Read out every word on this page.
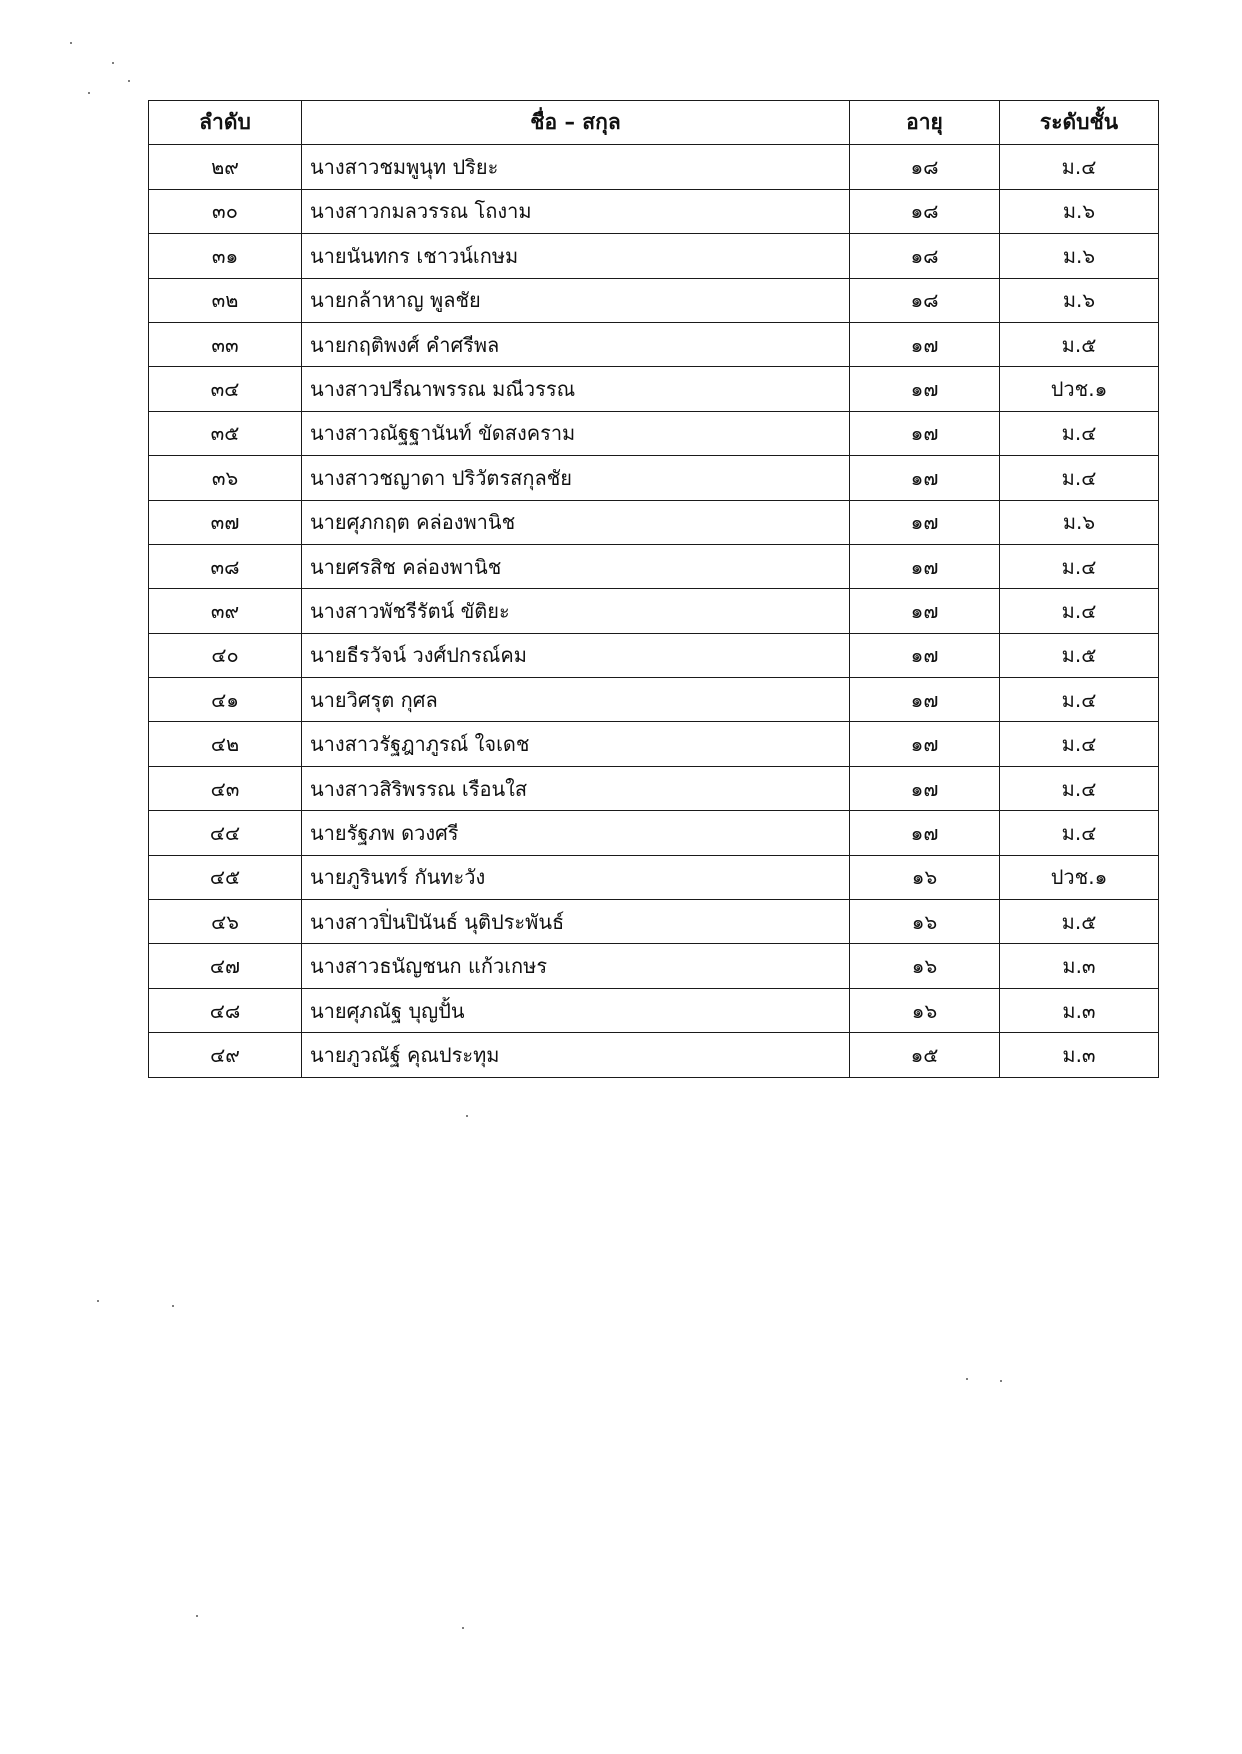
ลำดับ	ชื่อ – สกุล	อายุ	ระดับชั้น
๒๙	นางสาวชมพูนุท ปริยะ	๑๘	ม.๔
๓๐	นางสาวกมลวรรณ โถงาม	๑๘	ม.๖
๓๑	นายนันทกร เชาวน์เกษม	๑๘	ม.๖
๓๒	นายกล้าหาญ พูลชัย	๑๘	ม.๖
๓๓	นายกฤติพงศ์ คำศรีพล	๑๗	ม.๕
๓๔	นางสาวปรีณาพรรณ มณีวรรณ	๑๗	ปวช.๑
๓๕	นางสาวณัฐฐานันท์ ขัดสงคราม	๑๗	ม.๔
๓๖	นางสาวชญาดา ปริวัตรสกุลชัย	๑๗	ม.๔
๓๗	นายศุภกฤต คล่องพานิช	๑๗	ม.๖
๓๘	นายศรสิช คล่องพานิช	๑๗	ม.๔
๓๙	นางสาวพัชรีรัตน์ ขัติยะ	๑๗	ม.๔
๔๐	นายธีรวัจน์ วงศ์ปกรณ์คม	๑๗	ม.๕
๔๑	นายวิศรุต กุศล	๑๗	ม.๔
๔๒	นางสาวรัฐฎาภูรณ์ ใจเดช	๑๗	ม.๔
๔๓	นางสาวสิริพรรณ เรือนใส	๑๗	ม.๔
๔๔	นายรัฐภพ ดวงศรี	๑๗	ม.๔
๔๕	นายภูรินทร์ กันทะวัง	๑๖	ปวช.๑
๔๖	นางสาวปิ่นปินันธ์ นุติประพันธ์	๑๖	ม.๕
๔๗	นางสาวธนัญชนก แก้วเกษร	๑๖	ม.๓
๔๘	นายศุภณัฐ บุญปั้น	๑๖	ม.๓
๔๙	นายภูวณัฐ์ คุณประทุม	๑๕	ม.๓
